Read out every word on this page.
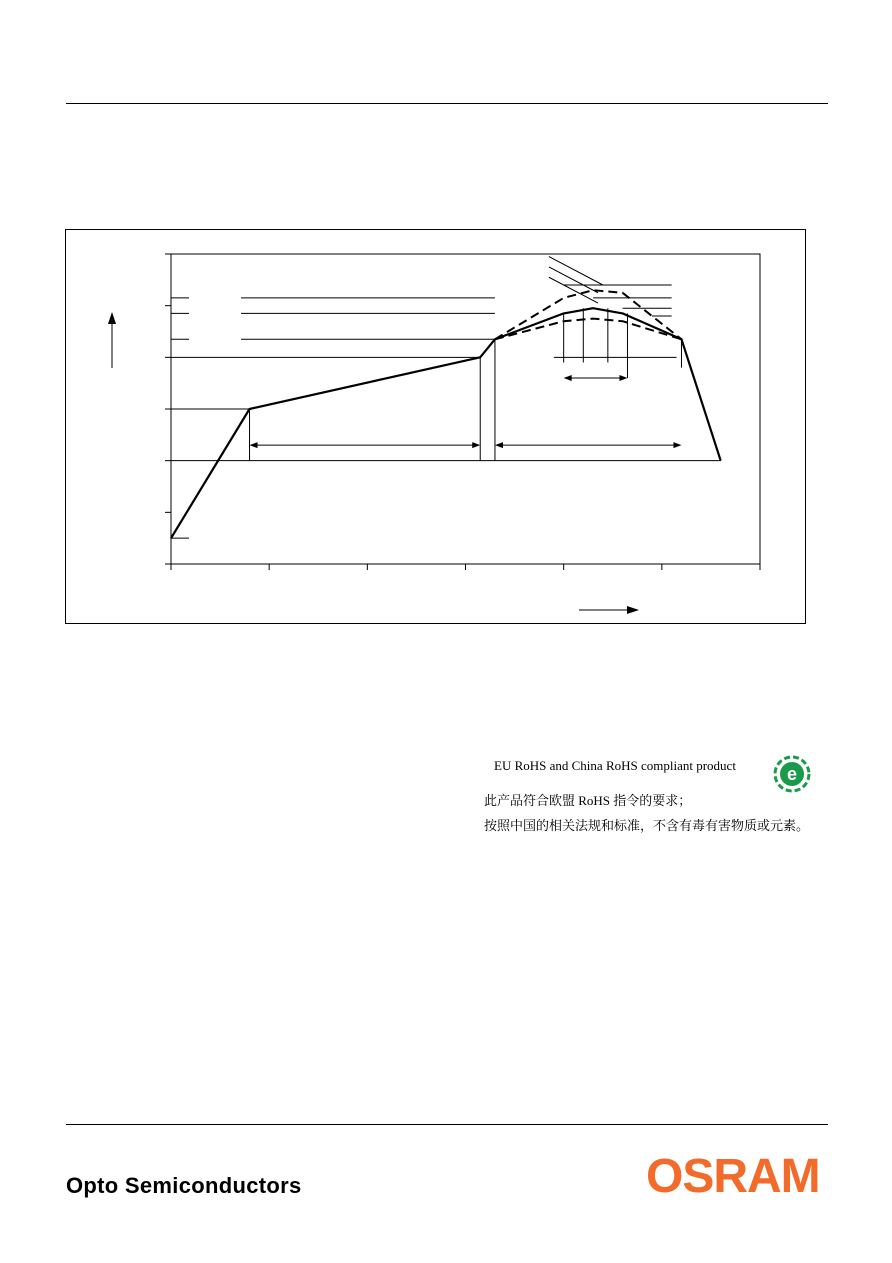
EU RoHS and China RoHS compliant product	e
此产品符合欧盟 RoHS 指令的要求；
按照中国的相关法规和标准，不含有毒有害物质或元素。
Opto Semiconductors	OSRAM
